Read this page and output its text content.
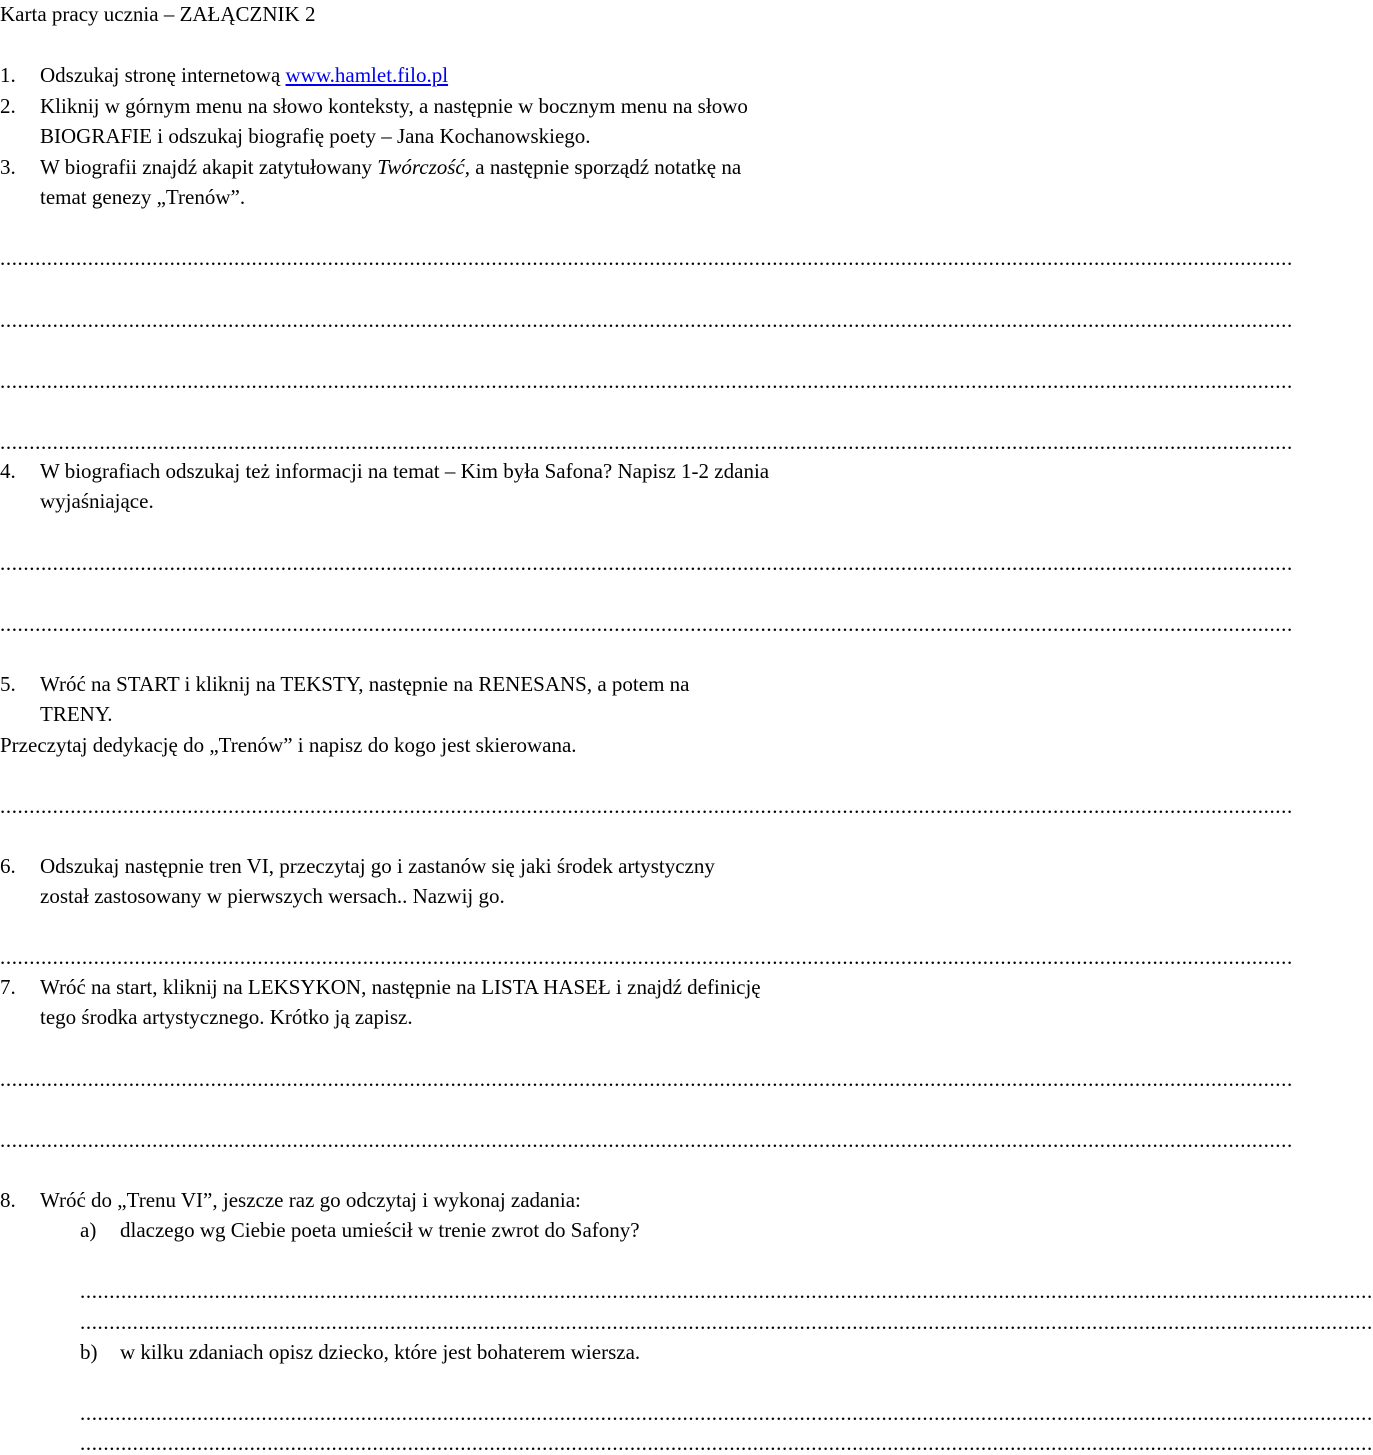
Karta pracy ucznia – ZAŁĄCZNIK 2
1. Odszukaj stronę internetową www.hamlet.filo.pl
2. Kliknij w górnym menu na słowo konteksty, a następnie w bocznym menu na słowo
BIOGRAFIE i odszukaj biografię poety – Jana Kochanowskiego.
3. W biografii znajdź akapit zatytułowany Twórczość, a następnie sporządź notatkę na
temat genezy „Trenów”.
.............................................................................................................................................................................................................................
.............................................................................................................................................................................................................................
.............................................................................................................................................................................................................................
.............................................................................................................................................................................................................................
4. W biografiach odszukaj też informacji na temat – Kim była Safona? Napisz 1-2 zdania
wyjaśniające.
.............................................................................................................................................................................................................................
.............................................................................................................................................................................................................................
5. Wróć na START i kliknij na TEKSTY, następnie na RENESANS, a potem na
TRENY.
Przeczytaj dedykację do „Trenów” i napisz do kogo jest skierowana.
.............................................................................................................................................................................................................................
6. Odszukaj następnie tren VI, przeczytaj go i zastanów się jaki środek artystyczny
został zastosowany w pierwszych wersach.. Nazwij go.
.............................................................................................................................................................................................................................
7. Wróć na start, kliknij na LEKSYKON, następnie na LISTA HASEŁ i znajdź definicję
tego środka artystycznego. Krótko ją zapisz.
.............................................................................................................................................................................................................................
.............................................................................................................................................................................................................................
8. Wróć do „Trenu VI”, jeszcze raz go odczytaj i wykonaj zadania:
a) dlaczego wg Ciebie poeta umieścił w trenie zwrot do Safony?
.............................................................................................................................................................................................................................
.............................................................................................................................................................................................................................
b) w kilku zdaniach opisz dziecko, które jest bohaterem wiersza.
.............................................................................................................................................................................................................................
.............................................................................................................................................................................................................................
